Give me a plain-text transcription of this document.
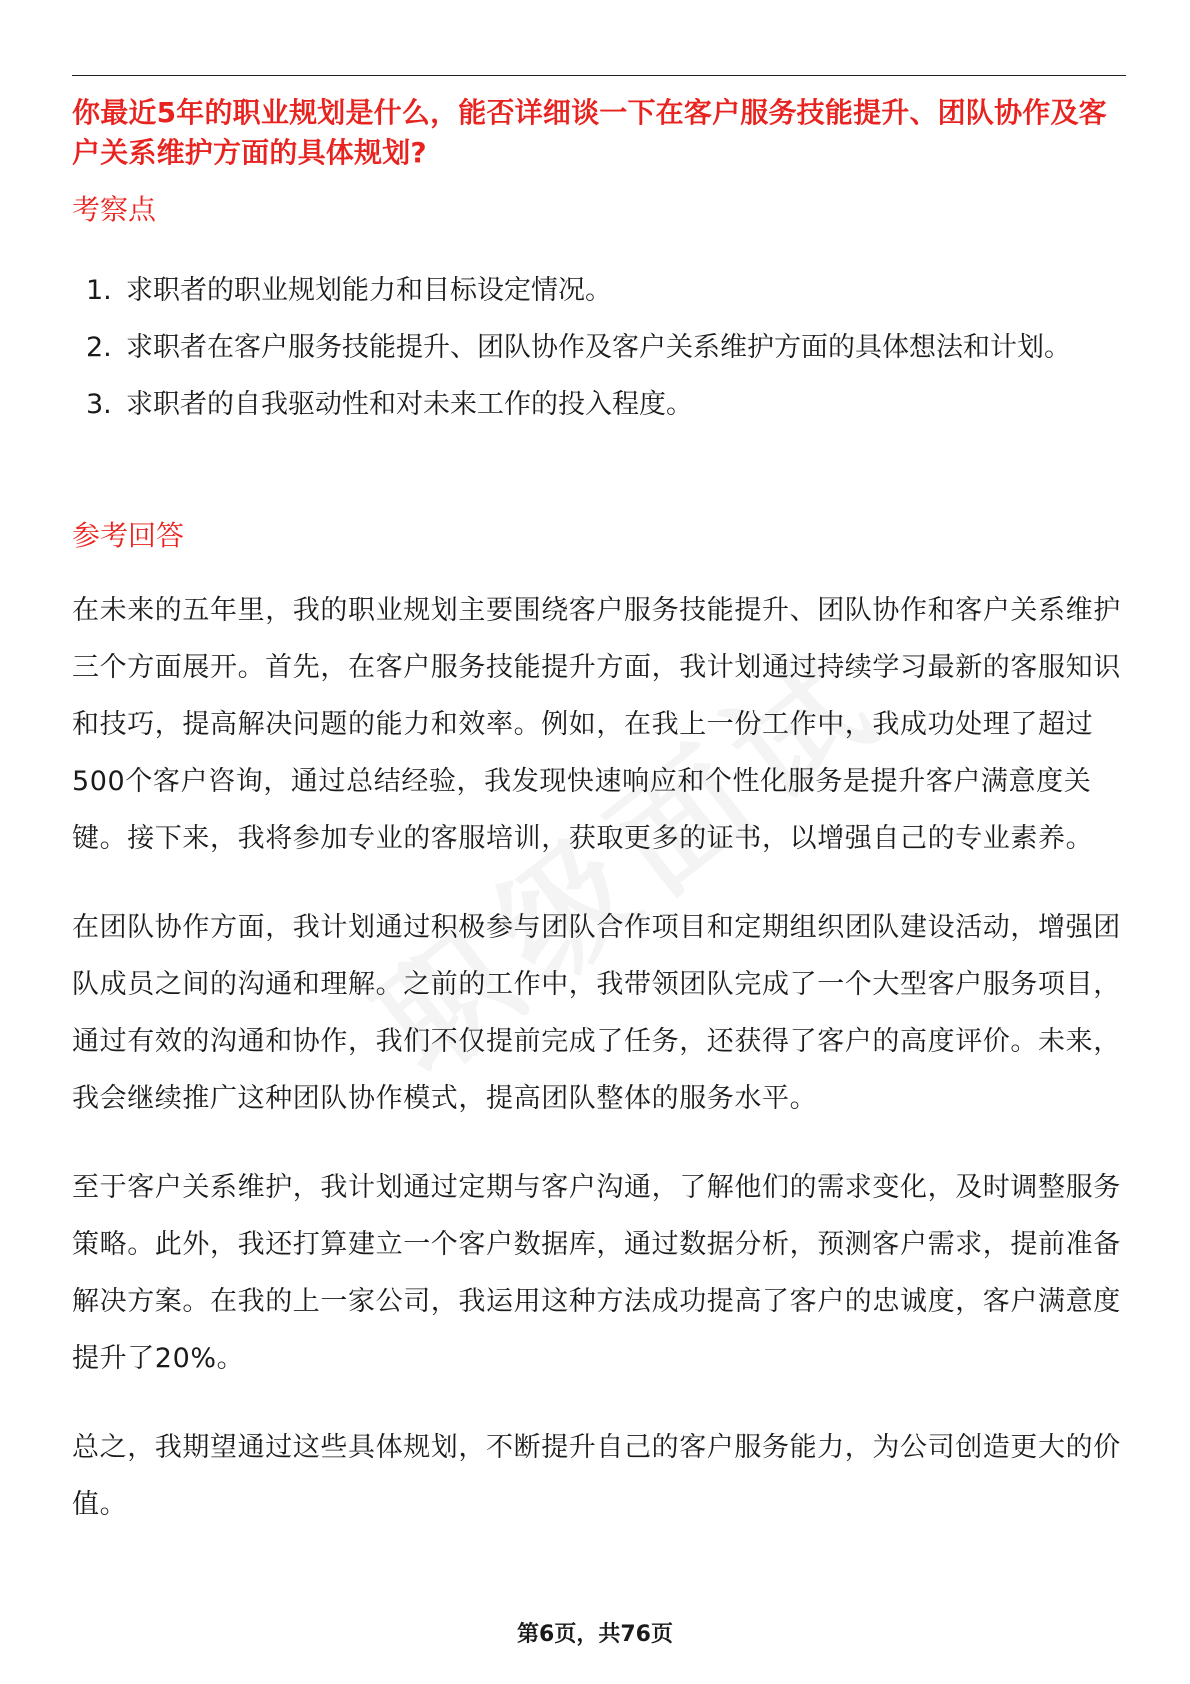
你最近5年的职业规划是什么，能否详细谈一下在客户服务技能提升、团队协作及客户关系维护方面的具体规划?
考察点
1. 求职者的职业规划能力和目标设定情况。
2. 求职者在客户服务技能提升、团队协作及客户关系维护方面的具体想法和计划。
3. 求职者的自我驱动性和对未来工作的投入程度。
参考回答

在未来的五年里，我的职业规划主要围绕客户服务技能提升、团队协作和客户关系维护三个方面展开。首先，在客户服务技能提升方面，我计划通过持续学习最新的客服知识和技巧，提高解决问题的能力和效率。例如，在我上一份工作中，我成功处理了超过500个客户咨询，通过总结经验，我发现快速响应和个性化服务是提升客户满意度关键。接下来，我将参加专业的客服培训，获取更多的证书，以增强自己的专业素养。

在团队协作方面，我计划通过积极参与团队合作项目和定期组织团队建设活动，增强团队成员之间的沟通和理解。之前的工作中，我带领团队完成了一个大型客户服务项目，通过有效的沟通和协作，我们不仅提前完成了任务，还获得了客户的高度评价。未来，我会继续推广这种团队协作模式，提高团队整体的服务水平。

至于客户关系维护，我计划通过定期与客户沟通，了解他们的需求变化，及时调整服务策略。此外，我还打算建立一个客户数据库，通过数据分析，预测客户需求，提前准备解决方案。在我的上一家公司，我运用这种方法成功提高了客户的忠诚度，客户满意度提升了20%。

总之，我期望通过这些具体规划，不断提升自己的客户服务能力，为公司创造更大的价值。

第6页，共76页
